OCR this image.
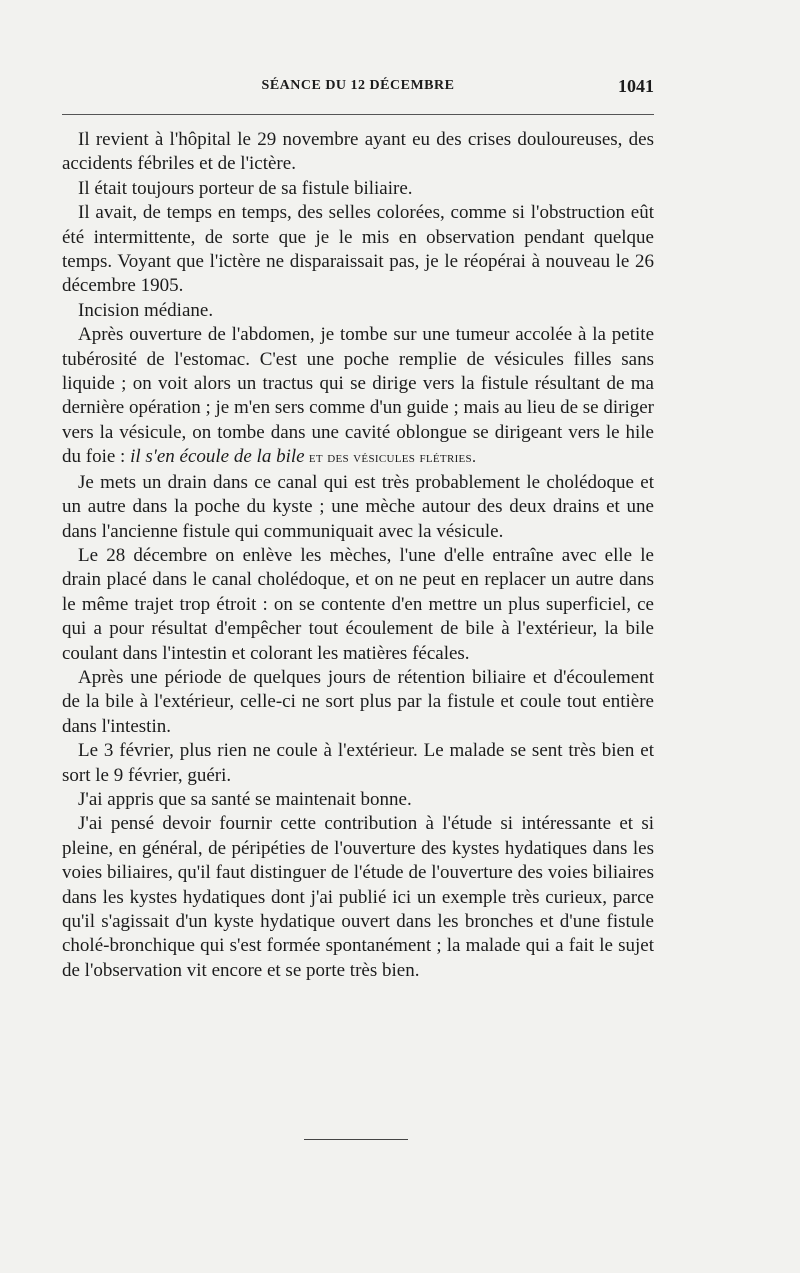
SÉANCE DU 12 DÉCEMBRE	1041

Il revient à l'hôpital le 29 novembre ayant eu des crises douloureuses, des accidents fébriles et de l'ictère.

Il était toujours porteur de sa fistule biliaire.

Il avait, de temps en temps, des selles colorées, comme si l'obstruction eût été intermittente, de sorte que je le mis en observation pendant quelque temps. Voyant que l'ictère ne disparaissait pas, je le réopérai à nouveau le 26 décembre 1905.

Incision médiane.

Après ouverture de l'abdomen, je tombe sur une tumeur accolée à la petite tubérosité de l'estomac. C'est une poche remplie de vésicules filles sans liquide ; on voit alors un tractus qui se dirige vers la fistule résultant de ma dernière opération ; je m'en sers comme d'un guide ; mais au lieu de se diriger vers la vésicule, on tombe dans une cavité oblongue se dirigeant vers le hile du foie : il s'en écoule de la bile et des vésicules flétries.

Je mets un drain dans ce canal qui est très probablement le cholédoque et un autre dans la poche du kyste ; une mèche autour des deux drains et une dans l'ancienne fistule qui communiquait avec la vésicule.

Le 28 décembre on enlève les mèches, l'une d'elle entraîne avec elle le drain placé dans le canal cholédoque, et on ne peut en replacer un autre dans le même trajet trop étroit : on se contente d'en mettre un plus superficiel, ce qui a pour résultat d'empêcher tout écoulement de bile à l'extérieur, la bile coulant dans l'intestin et colorant les matières fécales.

Après une période de quelques jours de rétention biliaire et d'écoulement de la bile à l'extérieur, celle-ci ne sort plus par la fistule et coule tout entière dans l'intestin.

Le 3 février, plus rien ne coule à l'extérieur. Le malade se sent très bien et sort le 9 février, guéri.

J'ai appris que sa santé se maintenait bonne.

J'ai pensé devoir fournir cette contribution à l'étude si intéressante et si pleine, en général, de péripéties de l'ouverture des kystes hydatiques dans les voies biliaires, qu'il faut distinguer de l'étude de l'ouverture des voies biliaires dans les kystes hydatiques dont j'ai publié ici un exemple très curieux, parce qu'il s'agissait d'un kyste hydatique ouvert dans les bronches et d'une fistule cholé-bronchique qui s'est formée spontanément ; la malade qui a fait le sujet de l'observation vit encore et se porte très bien.
